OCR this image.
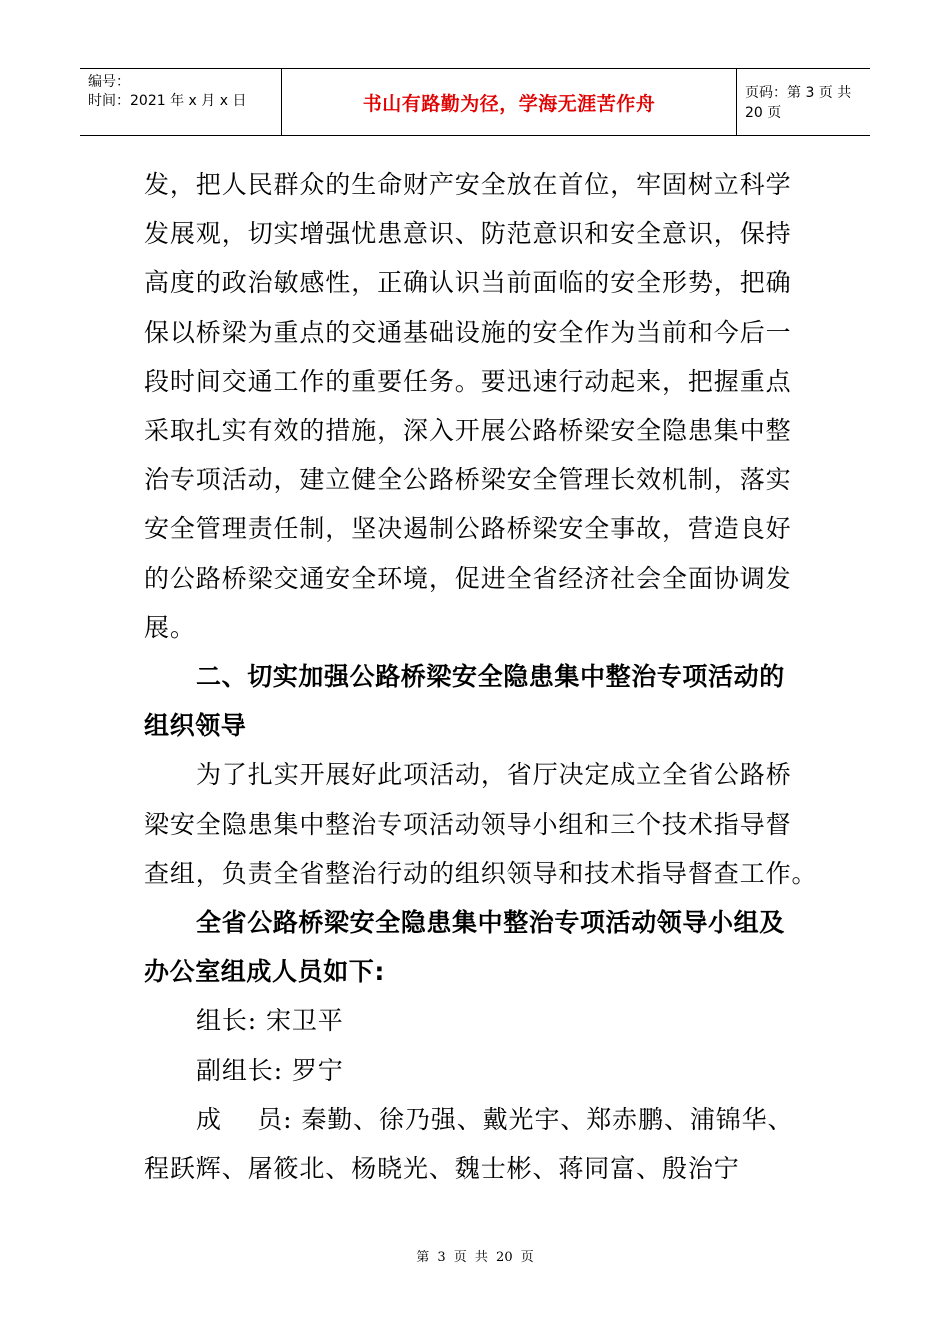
编号：
时间：2021 年 x 月 x 日	书山有路勤为径，学海无涯苦作舟	页码：第 3 页 共 20 页

发，把人民群众的生命财产安全放在首位，牢固树立科学

发展观，切实增强忧患意识、防范意识和安全意识，保持

高度的政治敏感性，正确认识当前面临的安全形势，把确

保以桥梁为重点的交通基础设施的安全作为当前和今后一

段时间交通工作的重要任务。要迅速行动起来，把握重点

采取扎实有效的措施，深入开展公路桥梁安全隐患集中整

治专项活动，建立健全公路桥梁安全管理长效机制，落实

安全管理责任制，坚决遏制公路桥梁安全事故，营造良好

的公路桥梁交通安全环境，促进全省经济社会全面协调发

展。

二、切实加强公路桥梁安全隐患集中整治专项活动的

组织领导

为了扎实开展好此项活动，省厅决定成立全省公路桥

梁安全隐患集中整治专项活动领导小组和三个技术指导督

查组，负责全省整治行动的组织领导和技术指导督查工作。

全省公路桥梁安全隐患集中整治专项活动领导小组及

办公室组成人员如下:

组长: 宋卫平

副组长: 罗宁

成    员: 秦勤、徐乃强、戴光宇、郑赤鹏、浦锦华、

程跃辉、屠筱北、杨晓光、魏士彬、蒋同富、殷治宁

第 3 页 共 20 页
